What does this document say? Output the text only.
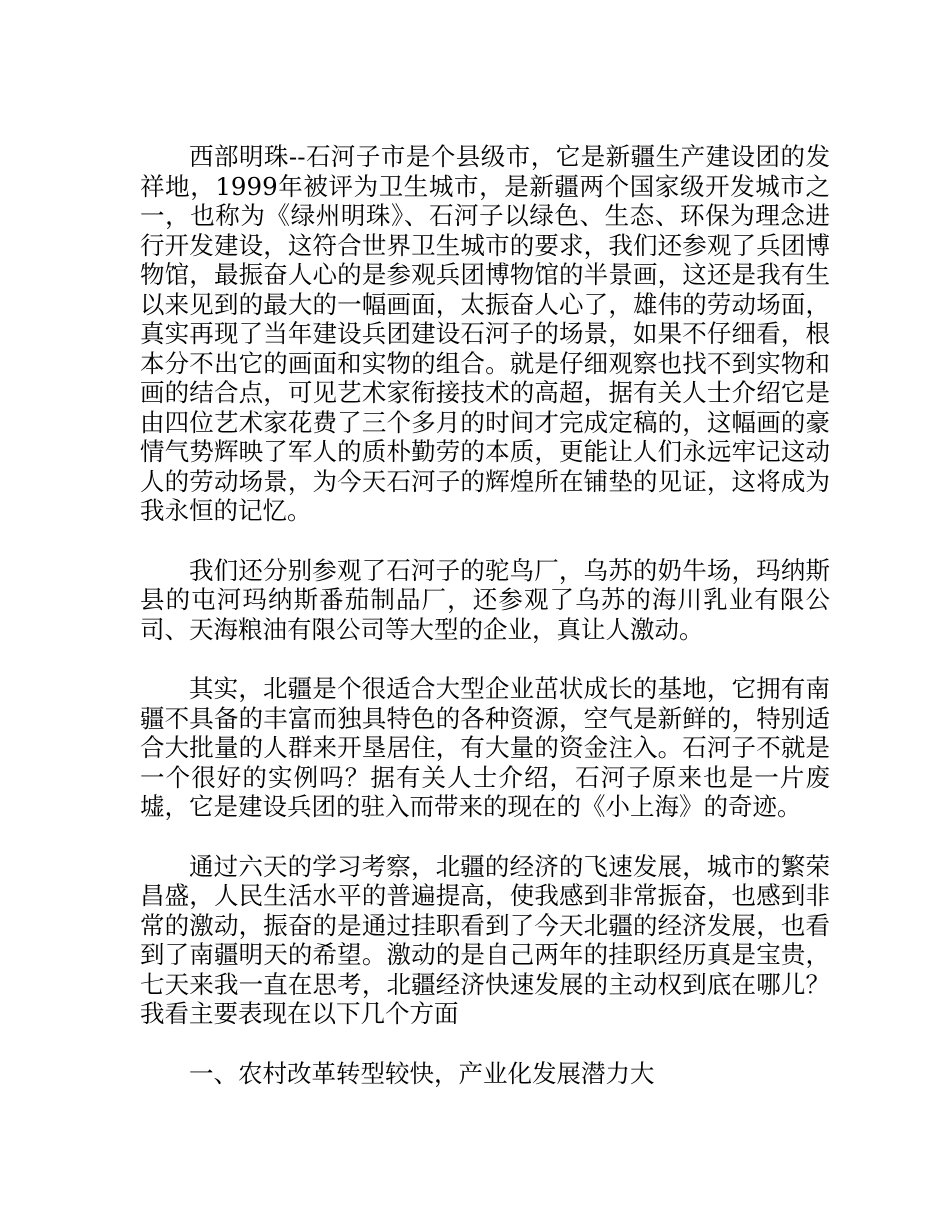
西部明珠--石河子市是个县级市，它是新疆生产建设团的发祥地，1999年被评为卫生城市，是新疆两个国家级开发城市之一，也称为《绿州明珠》、石河子以绿色、生态、环保为理念进行开发建设，这符合世界卫生城市的要求，我们还参观了兵团博物馆，最振奋人心的是参观兵团博物馆的半景画，这还是我有生以来见到的最大的一幅画面，太振奋人心了，雄伟的劳动场面，真实再现了当年建设兵团建设石河子的场景，如果不仔细看，根本分不出它的画面和实物的组合。就是仔细观察也找不到实物和画的结合点，可见艺术家衔接技术的高超，据有关人士介绍它是由四位艺术家花费了三个多月的时间才完成定稿的，这幅画的豪情气势辉映了军人的质朴勤劳的本质，更能让人们永远牢记这动人的劳动场景，为今天石河子的辉煌所在铺垫的见证，这将成为我永恒的记忆。

我们还分别参观了石河子的驼鸟厂，乌苏的奶牛场，玛纳斯县的屯河玛纳斯番茄制品厂，还参观了乌苏的海川乳业有限公司、天海粮油有限公司等大型的企业，真让人激动。

其实，北疆是个很适合大型企业茁状成长的基地，它拥有南疆不具备的丰富而独具特色的各种资源，空气是新鲜的，特别适合大批量的人群来开垦居住，有大量的资金注入。石河子不就是一个很好的实例吗？据有关人士介绍，石河子原来也是一片废墟，它是建设兵团的驻入而带来的现在的《小上海》的奇迹。

通过六天的学习考察，北疆的经济的飞速发展，城市的繁荣昌盛，人民生活水平的普遍提高，使我感到非常振奋，也感到非常的激动，振奋的是通过挂职看到了今天北疆的经济发展，也看到了南疆明天的希望。激动的是自己两年的挂职经历真是宝贵，七天来我一直在思考，北疆经济快速发展的主动权到底在哪儿？我看主要表现在以下几个方面

一、农村改革转型较快，产业化发展潜力大
